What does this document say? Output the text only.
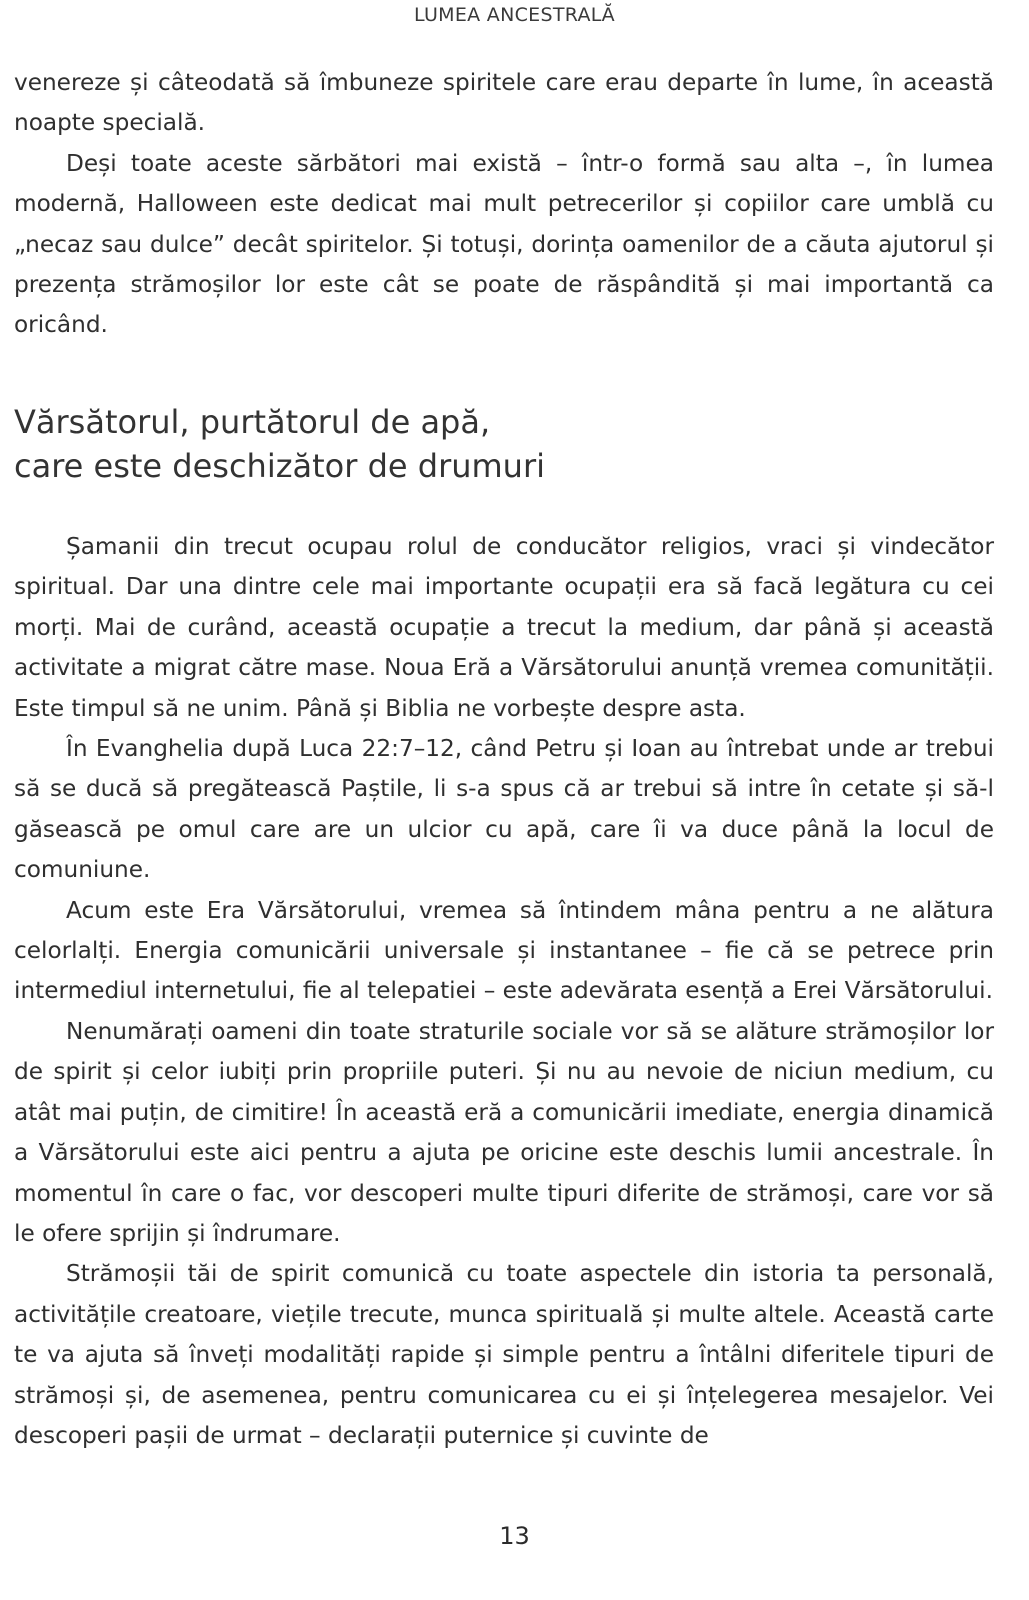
LUMEA ANCESTRALĂ

venereze și câteodată să îmbuneze spiritele care erau departe în lume, în această noapte specială.

Deși toate aceste sărbători mai există – într-o formă sau alta –, în lumea modernă, Halloween este dedicat mai mult petrecerilor și copiilor care umblă cu „necaz sau dulce” decât spiritelor. Și totuși, dorința oamenilor de a căuta ajutorul și prezența strămoșilor lor este cât se poate de răspândită și mai importantă ca oricând.

Vărsătorul, purtătorul de apă,
care este deschizător de drumuri

Șamanii din trecut ocupau rolul de conducător religios, vraci și vindecător spiritual. Dar una dintre cele mai importante ocupații era să facă legătura cu cei morți. Mai de curând, această ocupație a trecut la medium, dar până și această activitate a migrat către mase. Noua Eră a Vărsătorului anunță vremea comunității. Este timpul să ne unim. Până și Biblia ne vorbește despre asta.

În Evanghelia după Luca 22:7–12, când Petru și Ioan au întrebat unde ar trebui să se ducă să pregătească Paștile, li s-a spus că ar trebui să intre în cetate și să-l găsească pe omul care are un ulcior cu apă, care îi va duce până la locul de comuniune.

Acum este Era Vărsătorului, vremea să întindem mâna pentru a ne alătura celorlalți. Energia comunicării universale și instantanee – fie că se petrece prin intermediul internetului, fie al telepatiei – este adevărata esență a Erei Vărsătorului.

Nenumărați oameni din toate straturile sociale vor să se alăture strămoșilor lor de spirit și celor iubiți prin propriile puteri. Și nu au nevoie de niciun medium, cu atât mai puțin, de cimitire! În această eră a comunicării imediate, energia dinamică a Vărsătorului este aici pentru a ajuta pe oricine este deschis lumii ancestrale. În momentul în care o fac, vor descoperi multe tipuri diferite de strămoși, care vor să le ofere sprijin și îndrumare.

Strămoșii tăi de spirit comunică cu toate aspectele din istoria ta personală, activitățile creatoare, viețile trecute, munca spirituală și multe altele. Această carte te va ajuta să înveți modalități rapide și simple pentru a întâlni diferitele tipuri de strămoși și, de asemenea, pentru comunicarea cu ei și înțelegerea mesajelor. Vei descoperi pașii de urmat – declarații puternice și cuvinte de

13
